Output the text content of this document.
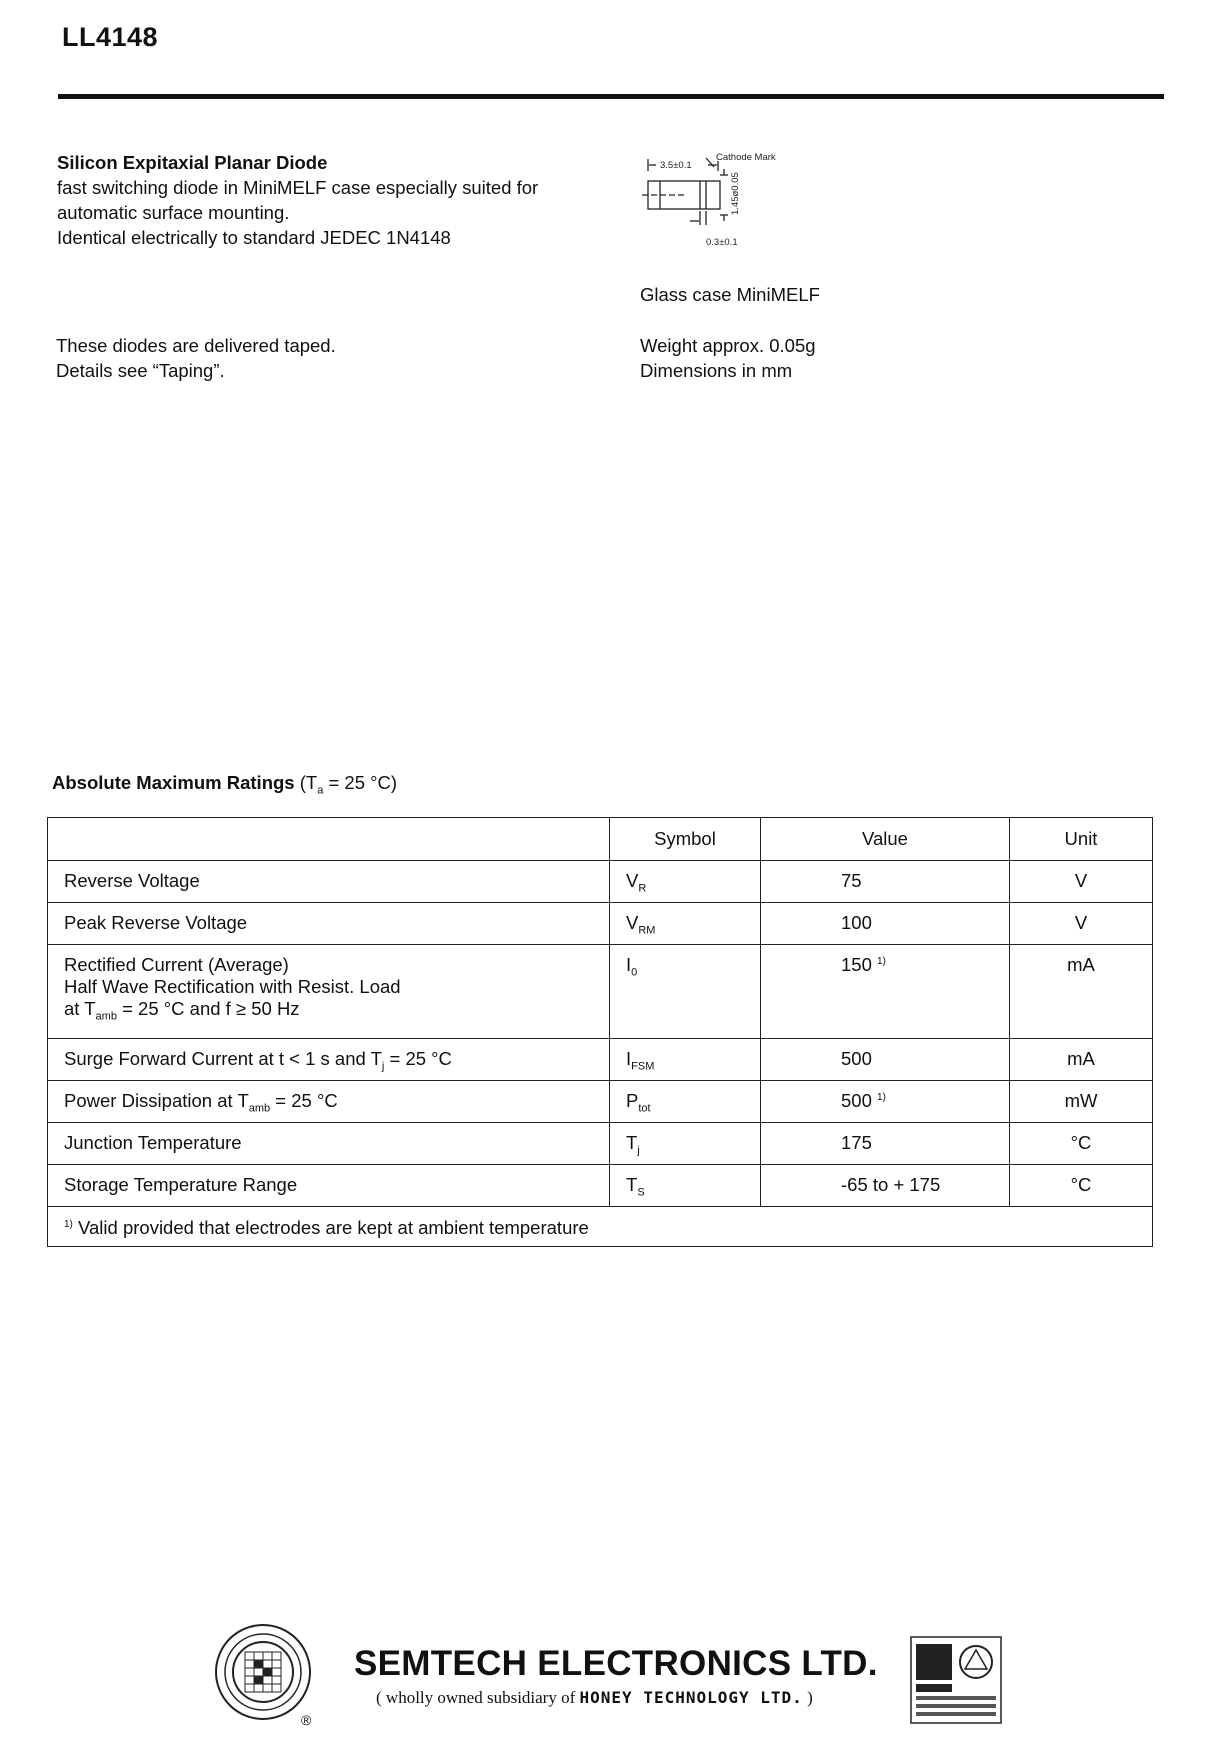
LL4148
Silicon Expitaxial Planar Diode
fast switching diode in MiniMELF case especially suited for
automatic surface mounting.
Identical electrically to standard JEDEC 1N4148
3.5±0.1
Cathode Mark
1.45ø0.05
0.3±0.1
Glass case MiniMELF
These diodes are delivered taped.
Details see “Taping”.
Weight approx. 0.05g
Dimensions in mm
Absolute Maximum Ratings ($T_a = 25$ °C)
	Symbol	Value	Unit
Reverse Voltage	$V_R$	75	V
Peak Reverse Voltage	$V_{RM}$	100	V

Rectified Current (Average)
Half Wave Rectification with Resist. Load
at $T_{amb} = 25$ °C and f ≥ 50 Hz	$I_0$	150 $^{1)}$	mA
Surge Forward Current at t < 1 s and $T_j = 25$ °C	$I_{FSM}$	500	mA
Power Dissipation at $T_{amb} = 25$ °C	$P_{tot}$	500 $^{1)}$	mW
Junction Temperature	$T_j$	175	°C
Storage Temperature Range	$T_S$	-65 to + 175	°C
$^{1)}$ Valid provided that electrodes are kept at ambient temperature			
®
SEMTECH ELECTRONICS LTD.
( wholly owned subsidiary of HONEY TECHNOLOGY LTD. )
